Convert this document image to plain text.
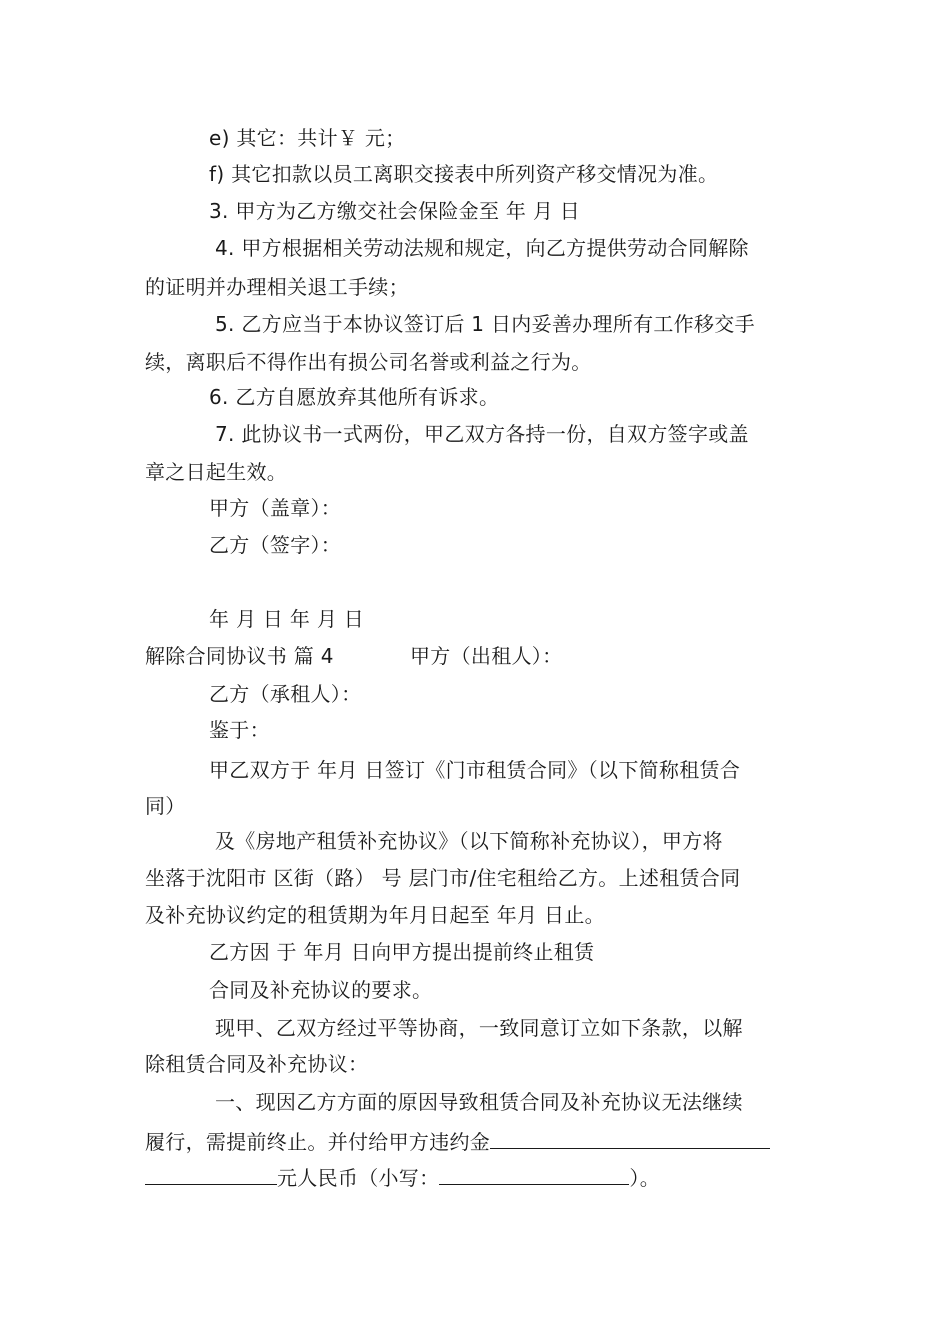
e) 其它：共计￥ 元；
f) 其它扣款以员工离职交接表中所列资产移交情况为准。
3. 甲方为乙方缴交社会保险金至 年 月 日
4. 甲方根据相关劳动法规和规定，向乙方提供劳动合同解除
的证明并办理相关退工手续；
5. 乙方应当于本协议签订后 1 日内妥善办理所有工作移交手
续，离职后不得作出有损公司名誉或利益之行为。
6. 乙方自愿放弃其他所有诉求。
7. 此协议书一式两份，甲乙双方各持一份，自双方签字或盖
章之日起生效。
甲方（盖章）：
乙方（签字）：
年 月 日 年 月 日
解除合同协议书 篇 4	甲方（出租人）：
乙方（承租人）：
鉴于：
甲乙双方于 年月 日签订《门市租赁合同》（以下简称租赁合
同）
及《房地产租赁补充协议》（以下简称补充协议），甲方将
坐落于沈阳市 区街（路） 号 层门市/住宅租给乙方。上述租赁合同
及补充协议约定的租赁期为年月日起至 年月 日止。
乙方因 于 年月 日向甲方提出提前终止租赁
合同及补充协议的要求。
现甲、乙双方经过平等协商，一致同意订立如下条款，以解
除租赁合同及补充协议：
一、现因乙方方面的原因导致租赁合同及补充协议无法继续
履行，需提前终止。并付给甲方违约金
元人民币（小写：	）。
